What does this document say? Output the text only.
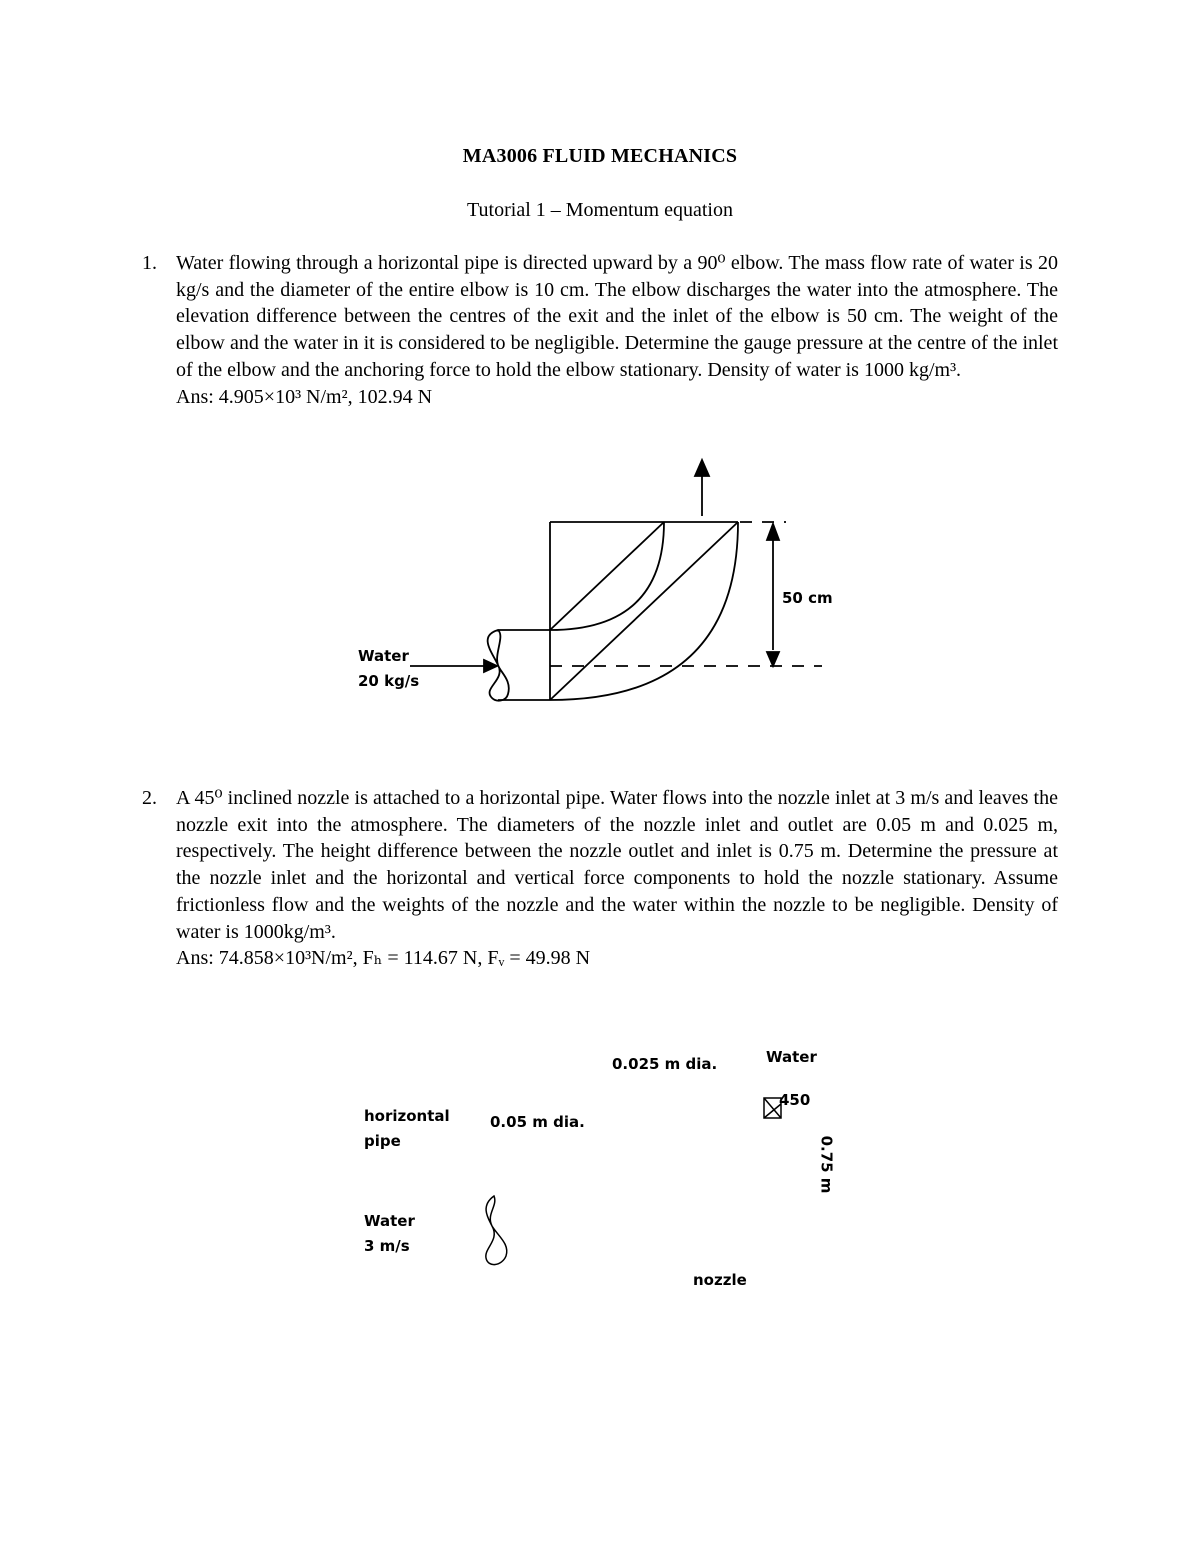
MA3006 FLUID MECHANICS
Tutorial 1 – Momentum equation
1. Water flowing through a horizontal pipe is directed upward by a 90⁰ elbow. The mass flow rate of water is 20 kg/s and the diameter of the entire elbow is 10 cm. The elbow discharges the water into the atmosphere. The elevation difference between the centres of the exit and the inlet of the elbow is 50 cm. The weight of the elbow and the water in it is considered to be negligible. Determine the gauge pressure at the centre of the inlet of the elbow and the anchoring force to hold the elbow stationary. Density of water is 1000 kg/m³.

Ans: 4.905×10³ N/m², 102.94 N

50 cm
Water
20 kg/s
2. A 45⁰ inclined nozzle is attached to a horizontal pipe. Water flows into the nozzle inlet at 3 m/s and leaves the nozzle exit into the atmosphere. The diameters of the nozzle inlet and outlet are 0.05 m and 0.025 m, respectively. The height difference between the nozzle outlet and inlet is 0.75 m. Determine the pressure at the nozzle inlet and the horizontal and vertical force components to hold the nozzle stationary. Assume frictionless flow and the weights of the nozzle and the water within the nozzle to be negligible. Density of water is 1000kg/m³.

Ans: 74.858×10³N/m², Fₕ = 114.67 N, Fᵥ = 49.98 N

0.025 m dia.	Water
450
horizontal
pipe
0.05 m dia.
0.75 m
Water
3 m/s
nozzle
